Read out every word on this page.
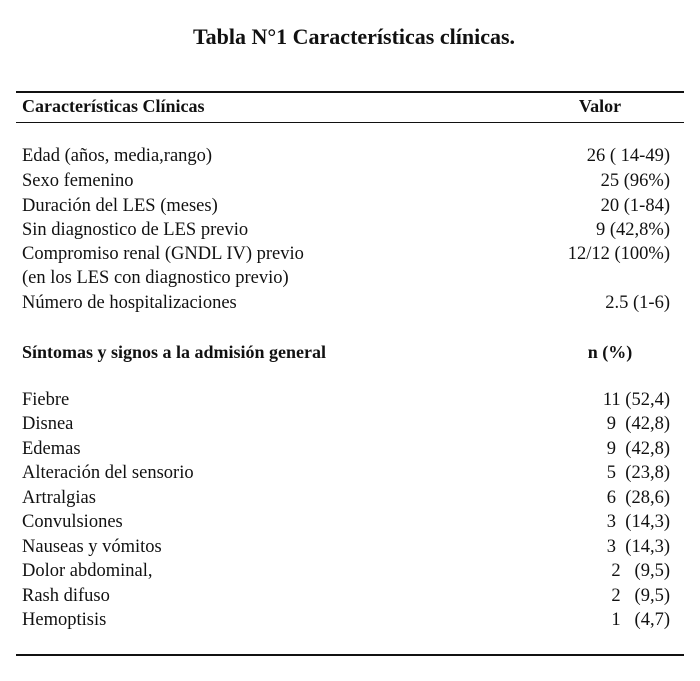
Tabla N°1 Características clínicas.
Características Clínicas	Valor
Edad (años, media,rango)	26 ( 14-49)
Sexo femenino	25 (96%)
Duración del LES (meses)	20 (1-84)
Sin diagnostico de LES previo	9 (42,8%)
Compromiso renal (GNDL IV) previo	12/12 (100%)
(en los LES con diagnostico previo)
Número de hospitalizaciones	2.5 (1-6)
Síntomas y signos a la admisión general	n (%)
Fiebre	11 (52,4)
Disnea	9  (42,8)
Edemas	9  (42,8)
Alteración del sensorio	5  (23,8)
Artralgias	6  (28,6)
Convulsiones	3  (14,3)
Nauseas y vómitos	3  (14,3)
Dolor abdominal,	2   (9,5)
Rash difuso	2   (9,5)
Hemoptisis	1   (4,7)
